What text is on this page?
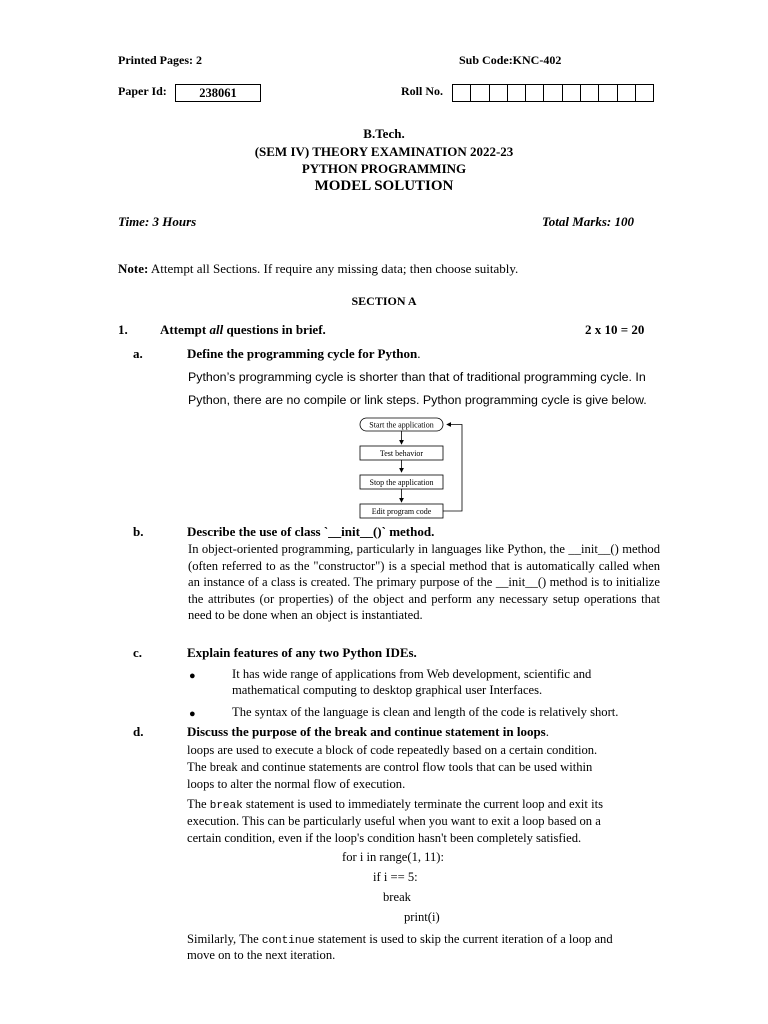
Printed Pages: 2	Sub Code:KNC-402
Paper Id:	238061	Roll No.
B.Tech.
(SEM IV) THEORY EXAMINATION 2022-23
PYTHON PROGRAMMING
MODEL SOLUTION
Time: 3 Hours	Total Marks: 100
Note: Attempt all Sections. If require any missing data; then choose suitably.
SECTION A
1. Attempt all questions in brief.	2 x 10 = 20
a.	Define the programming cycle for Python.
Python’s programming cycle is shorter than that of traditional programming cycle. In
Python, there are no compile or link steps. Python programming cycle is give below.
Start the application
Test behavior
Stop the application
Edit program code
b.	Describe the use of class `__init__()` method.
In object-oriented programming, particularly in languages like Python, the __init__() method (often referred to as the "constructor") is a special method that is automatically called when an instance of a class is created. The primary purpose of the __init__() method is to initialize the attributes (or properties) of the object and perform any necessary setup operations that need to be done when an object is instantiated.
c.	Explain features of any two Python IDEs.
●	It has wide range of applications from Web development, scientific and
mathematical computing to desktop graphical user Interfaces.
●	The syntax of the language is clean and length of the code is relatively short.
d.	Discuss the purpose of the break and continue statement in loops.
loops are used to execute a block of code repeatedly based on a certain condition.
The break and continue statements are control flow tools that can be used within
loops to alter the normal flow of execution.
The break statement is used to immediately terminate the current loop and exit its
execution. This can be particularly useful when you want to exit a loop based on a
certain condition, even if the loop's condition hasn't been completely satisfied.
for i in range(1, 11):
if i == 5:
break
print(i)
Similarly, The continue statement is used to skip the current iteration of a loop and
move on to the next iteration.
